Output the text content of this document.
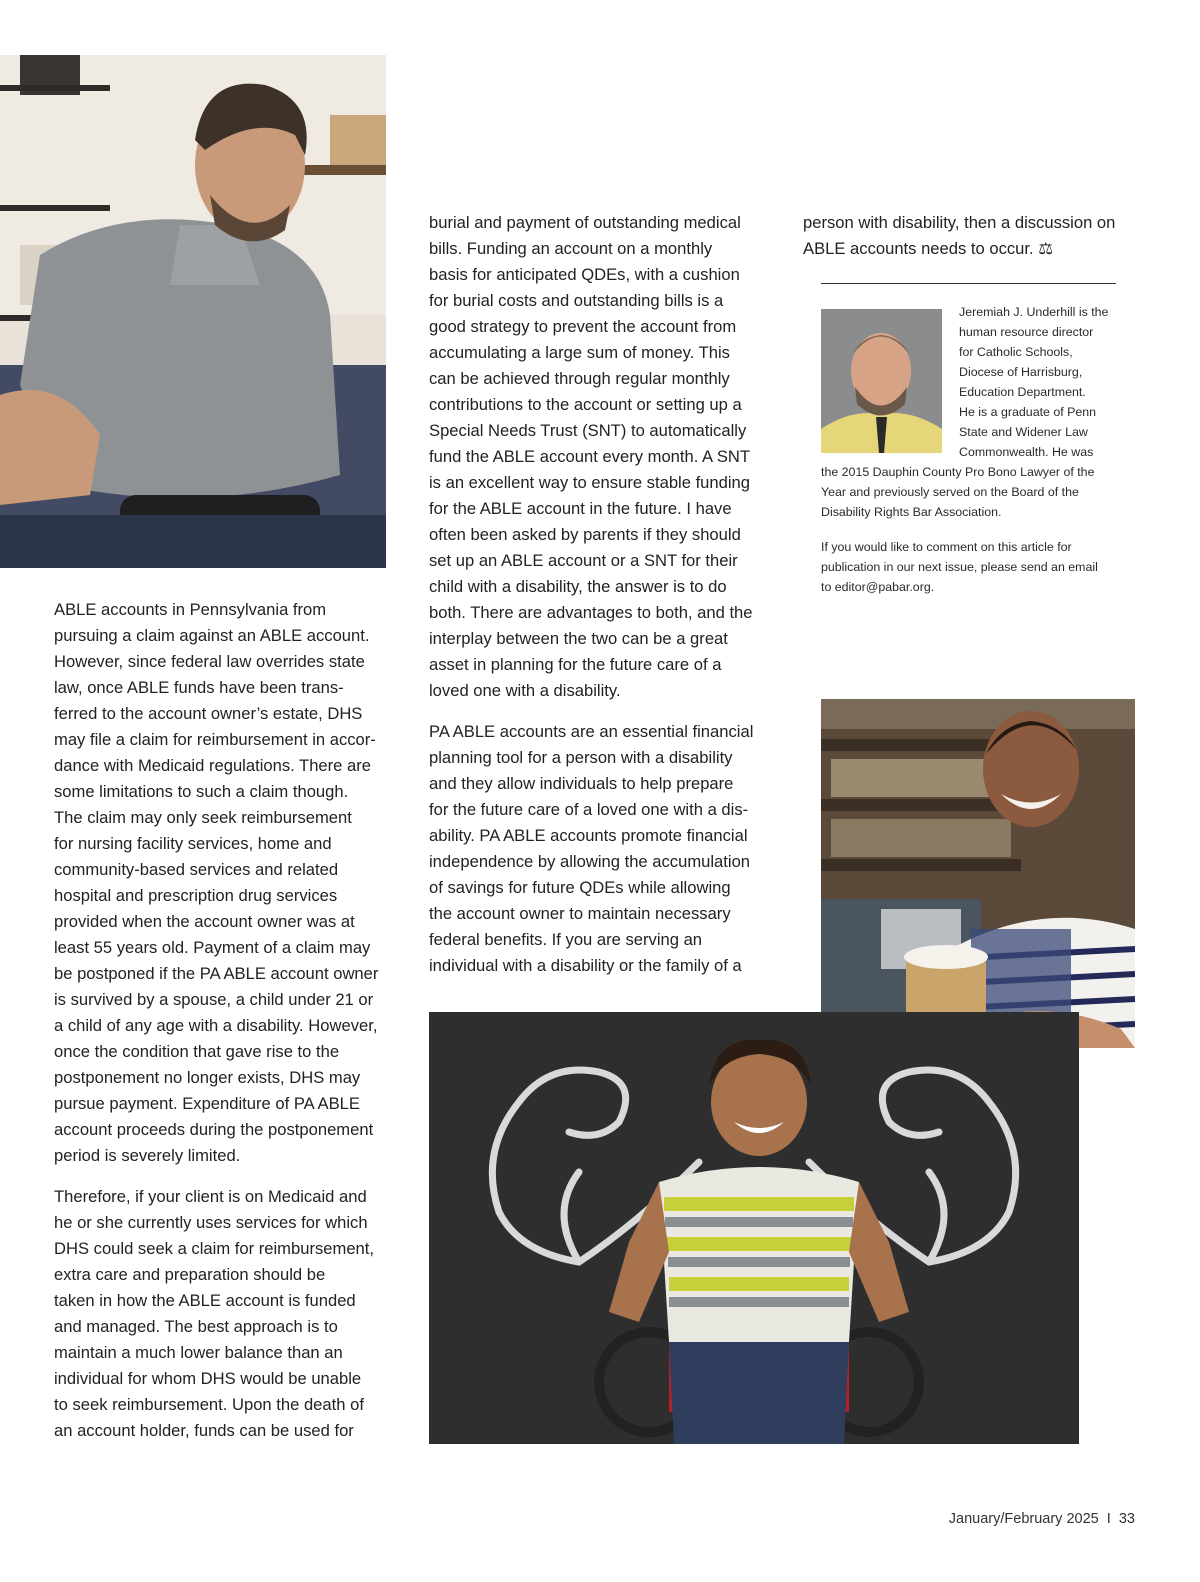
ABLE accounts in Pennsylvania from
pursuing a claim against an ABLE account.
However, since federal law overrides state
law, once ABLE funds have been trans-
ferred to the account owner’s estate, DHS
may file a claim for reimbursement in accor-
dance with Medicaid regulations. There are
some limitations to such a claim though.
The claim may only seek reimbursement
for nursing facility services, home and
community-based services and related
hospital and prescription drug services
provided when the account owner was at
least 55 years old. Payment of a claim may
be postponed if the PA ABLE account owner
is survived by a spouse, a child under 21 or
a child of any age with a disability. However,
once the condition that gave rise to the
postponement no longer exists, DHS may
pursue payment. Expenditure of PA ABLE
account proceeds during the postponement
period is severely limited.

Therefore, if your client is on Medicaid and
he or she currently uses services for which
DHS could seek a claim for reimbursement,
extra care and preparation should be
taken in how the ABLE account is funded
and managed. The best approach is to
maintain a much lower balance than an
individual for whom DHS would be unable
to seek reimbursement. Upon the death of
an account holder, funds can be used for

burial and payment of outstanding medical
bills. Funding an account on a monthly
basis for anticipated QDEs, with a cushion
for burial costs and outstanding bills is a
good strategy to prevent the account from
accumulating a large sum of money. This
can be achieved through regular monthly
contributions to the account or setting up a
Special Needs Trust (SNT) to automatically
fund the ABLE account every month. A SNT
is an excellent way to ensure stable funding
for the ABLE account in the future. I have
often been asked by parents if they should
set up an ABLE account or a SNT for their
child with a disability, the answer is to do
both. There are advantages to both, and the
interplay between the two can be a great
asset in planning for the future care of a
loved one with a disability.

PA ABLE accounts are an essential financial
planning tool for a person with a disability
and they allow individuals to help prepare
for the future care of a loved one with a dis-
ability. PA ABLE accounts promote financial
independence by allowing the accumulation
of savings for future QDEs while allowing
the account owner to maintain necessary
federal benefits. If you are serving an
individual with a disability or the family of a

person with disability, then a discussion on
ABLE accounts needs to occur. ⚖

Jeremiah J. Underhill is the
human resource director
for Catholic Schools,
Diocese of Harrisburg,
Education Department.
He is a graduate of Penn
State and Widener Law
Commonwealth. He was

the 2015 Dauphin County Pro Bono Lawyer of the
Year and previously served on the Board of the
Disability Rights Bar Association.

If you would like to comment on this article for
publication in our next issue, please send an email
to editor@pabar.org.

January/February 2025 I 33
